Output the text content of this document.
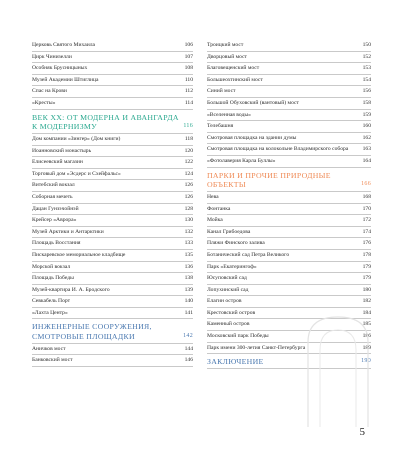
Церковь Святого Михаила	106
Цирк Чинизелли	107
Особняк Брусницыных	108
Музей Академии Штиглица	110
Спас на Крови	112
«Кресты»	114
ВЕК XX: ОТ МОДЕРНА И АВАНГАРДА К МОДЕРНИЗМУ	116
Дом компании «Зингер» (Дом книги)	118
Иоанновский монастырь	120
Елисеевский магазин	122
Торговый дом «Эсдерс и Схейфальс»	124
Витебский вокзал	126
Соборная мечеть	126
Дацан Гунзэчойнэй	128
Крейсер «Аврора»	130
Музей Арктики и Антарктики	132
Площадь Восстания	133
Пискаревское мемориальное кладбище	135
Морской вокзал	136
Площадь Победы	138
Музей-квартира И. А. Бродского	139
Севкабель Порт	140
«Лахта Центр»	141
ИНЖЕНЕРНЫЕ СООРУЖЕНИЯ, СМОТРОВЫЕ ПЛОЩАДКИ	142
Аничков мост	144
Банковский мост	146
Троицкий мост	150
Дворцовый мост	152
Благовещенский мост	153
Большеохтинский мост	154
Синий мост	156
Большой Обуховский (вантовый) мост	158
«Вселенная воды»	159
Телебашня	160
Смотровая площадка на здании думы	162
Смотровая площадка на колокольне Владимирского собора	163
«Фотолаверия Карла Буллы»	164
ПАРКИ И ПРОЧИЕ ПРИРОДНЫЕ ОБЪЕКТЫ	166
Нева	168
Фонтанка	170
Мойка	172
Канал Грибоедова	174
Пляжи Финского залива	176
Ботанический сад Петра Великого	178
Парк «Екатерингоф»	179
Юсуповский сад	179
Лопухинский сад	180
Елагин остров	182
Крестовский остров	184
Каменный остров	185
Московский парк Победы	186
Парк имени 300-летия Санкт-Петербурга	189
ЗАКЛЮЧЕНИЕ	190
5
